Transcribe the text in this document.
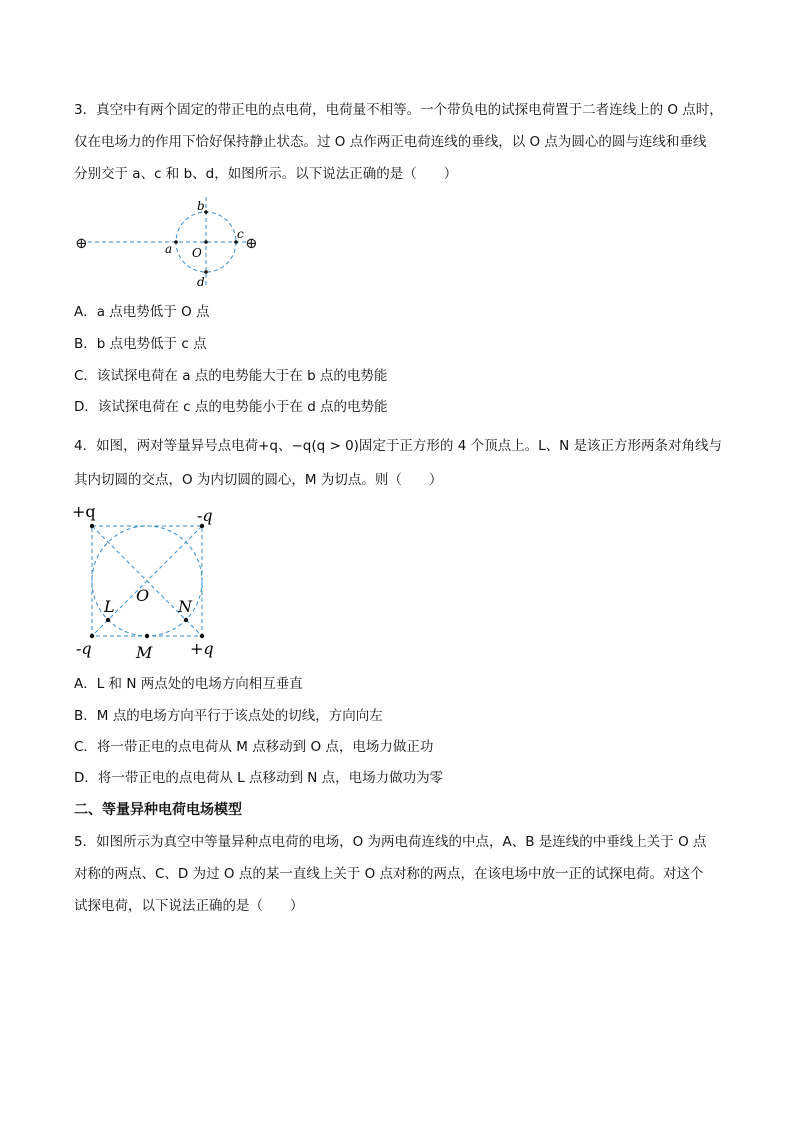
3．真空中有两个固定的带正电的点电荷，电荷量不相等。一个带负电的试探电荷置于二者连线上的 O 点时，
仅在电场力的作用下恰好保持静止状态。过 O 点作两正电荷连线的垂线，以 O 点为圆心的圆与连线和垂线
分别交于 a、c 和 b、d，如图所示。以下说法正确的是（　　）
⊕	⊕
a
c
b
d
O
A．a 点电势低于 O 点
B．b 点电势低于 c 点
C．该试探电荷在 a 点的电势能大于在 b 点的电势能
D．该试探电荷在 c 点的电势能小于在 d 点的电势能
4．如图，两对等量异号点电荷+q、−q(q > 0)固定于正方形的 4 个顶点上。L、N 是该正方形两条对角线与
其内切圆的交点，O 为内切圆的圆心，M 为切点。则（　　）
+q	-q
-q	+q
L	N
O
M
A．L 和 N 两点处的电场方向相互垂直
B．M 点的电场方向平行于该点处的切线，方向向左
C．将一带正电的点电荷从 M 点移动到 O 点，电场力做正功
D．将一带正电的点电荷从 L 点移动到 N 点，电场力做功为零
二、等量异种电荷电场模型
5．如图所示为真空中等量异种点电荷的电场，O 为两电荷连线的中点，A、B 是连线的中垂线上关于 O 点
对称的两点、C、D 为过 O 点的某一直线上关于 O 点对称的两点，在该电场中放一正的试探电荷。对这个
试探电荷，以下说法正确的是（　　）
